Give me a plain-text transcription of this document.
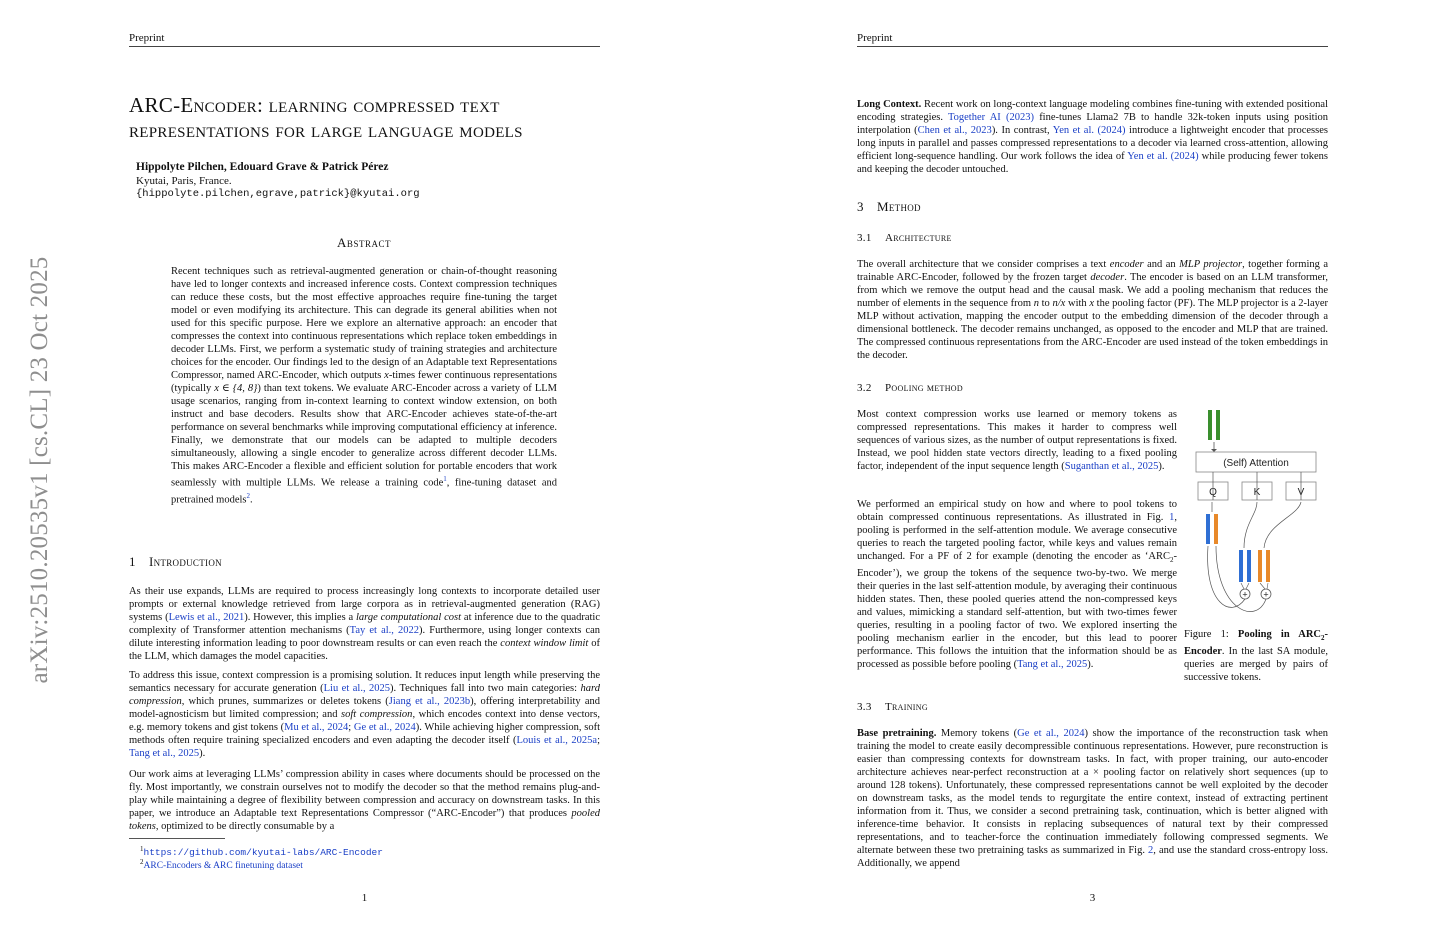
Preprint
arXiv:2510.20535v1 [cs.CL] 23 Oct 2025
ARC-Encoder: learning compressed text representations for large language models
Hippolyte Pilchen, Edouard Grave & Patrick Pérez
Kyutai, Paris, France.
{hippolyte.pilchen,egrave,patrick}@kyutai.org
Abstract
Recent techniques such as retrieval-augmented generation or chain-of-thought reasoning have led to longer contexts and increased inference costs. Context compression techniques can reduce these costs, but the most effective approaches require fine-tuning the target model or even modifying its architecture. This can degrade its general abilities when not used for this specific purpose. Here we explore an alternative approach: an encoder that compresses the context into continuous representations which replace token embeddings in decoder LLMs. First, we perform a systematic study of training strategies and architecture choices for the encoder. Our findings led to the design of an Adaptable text Representations Compressor, named ARC-Encoder, which outputs x-times fewer continuous representations (typically x ∈ {4, 8}) than text tokens. We evaluate ARC-Encoder across a variety of LLM usage scenarios, ranging from in-context learning to context window extension, on both instruct and base decoders. Results show that ARC-Encoder achieves state-of-the-art performance on several benchmarks while improving computational efficiency at inference. Finally, we demonstrate that our models can be adapted to multiple decoders simultaneously, allowing a single encoder to generalize across different decoder LLMs. This makes ARC-Encoder a flexible and efficient solution for portable encoders that work seamlessly with multiple LLMs. We release a training code$^1$, fine-tuning dataset and pretrained models$^2$.
1 Introduction
As their use expands, LLMs are required to process increasingly long contexts to incorporate detailed user prompts or external knowledge retrieved from large corpora as in retrieval-augmented generation (RAG) systems (Lewis et al., 2021). However, this implies a large computational cost at inference due to the quadratic complexity of Transformer attention mechanisms (Tay et al., 2022). Furthermore, using longer contexts can dilute interesting information leading to poor downstream results or can even reach the context window limit of the LLM, which damages the model capacities.
To address this issue, context compression is a promising solution. It reduces input length while preserving the semantics necessary for accurate generation (Liu et al., 2025). Techniques fall into two main categories: hard compression, which prunes, summarizes or deletes tokens (Jiang et al., 2023b), offering interpretability and model-agnosticism but limited compression; and soft compression, which encodes context into dense vectors, e.g. memory tokens and gist tokens (Mu et al., 2024; Ge et al., 2024). While achieving higher compression, soft methods often require training specialized encoders and even adapting the decoder itself (Louis et al., 2025a; Tang et al., 2025).
Our work aims at leveraging LLMs’ compression ability in cases where documents should be processed on the fly. Most importantly, we constrain ourselves not to modify the decoder so that the method remains plug-and-play while maintaining a degree of flexibility between compression and accuracy on downstream tasks. In this paper, we introduce an Adaptable text Representations Compressor (“ARC-Encoder”) that produces pooled tokens, optimized to be directly consumable by a
$^1$https://github.com/kyutai-labs/ARC-Encoder
$^2$ARC-Encoders & ARC finetuning dataset
1
Preprint
Long Context. Recent work on long-context language modeling combines fine-tuning with extended positional encoding strategies. Together AI (2023) fine-tunes Llama2 7B to handle 32k-token inputs using position interpolation (Chen et al., 2023). In contrast, Yen et al. (2024) introduce a lightweight encoder that processes long inputs in parallel and passes compressed representations to a decoder via learned cross-attention, allowing efficient long-sequence handling. Our work follows the idea of Yen et al. (2024) while producing fewer tokens and keeping the decoder untouched.
3 Method
3.1 Architecture
The overall architecture that we consider comprises a text encoder and an MLP projector, together forming a trainable ARC-Encoder, followed by the frozen target decoder. The encoder is based on an LLM transformer, from which we remove the output head and the causal mask. We add a pooling mechanism that reduces the number of elements in the sequence from n to n/x with x the pooling factor (PF). The MLP projector is a 2-layer MLP without activation, mapping the encoder output to the embedding dimension of the decoder through a dimensional bottleneck. The decoder remains unchanged, as opposed to the encoder and MLP that are trained. The compressed continuous representations from the ARC-Encoder are used instead of the token embeddings in the decoder.
3.2 Pooling method
Most context compression works use learned or memory tokens as compressed representations. This makes it harder to compress well sequences of various sizes, as the number of output representations is fixed. Instead, we pool hidden state vectors directly, leading to a fixed pooling factor, independent of the input sequence length (Suganthan et al., 2025).
We performed an empirical study on how and where to pool tokens to obtain compressed continuous representations. As illustrated in Fig. 1, pooling is performed in the self-attention module. We average consecutive queries to reach the targeted pooling factor, while keys and values remain unchanged. For a PF of 2 for example (denoting the encoder as ‘$ARC_2-Encoder$’), we group the tokens of the sequence two-by-two. We merge their queries in the last self-attention module, by averaging their continuous hidden states. Then, these pooled queries attend the non-compressed keys and values, mimicking a standard self-attention, but with two-times fewer queries, resulting in a pooling factor of two. We explored inserting the pooling mechanism earlier in the encoder, but this lead to poorer performance. This follows the intuition that the information should be as processed as possible before pooling (Tang et al., 2025).
(Self) Attention
Q	K	V
+ +
Figure 1: Pooling in $ARC_2$-Encoder. In the last SA module, queries are merged by pairs of successive tokens.
3.3 Training
Base pretraining. Memory tokens (Ge et al., 2024) show the importance of the reconstruction task when training the model to create easily decompressible continuous representations. However, pure reconstruction is easier than compressing contexts for downstream tasks. In fact, with proper training, our auto-encoder architecture achieves near-perfect reconstruction at a × pooling factor on relatively short sequences (up to around 128 tokens). Unfortunately, these compressed representations cannot be well exploited by the decoder on downstream tasks, as the model tends to regurgitate the entire context, instead of extracting pertinent information from it. Thus, we consider a second pretraining task, continuation, which is better aligned with inference-time behavior. It consists in replacing subsequences of natural text by their compressed representations, and to teacher-force the continuation immediately following compressed segments. We alternate between these two pretraining tasks as summarized in Fig. 2, and use the standard cross-entropy loss. Additionally, we append
3
